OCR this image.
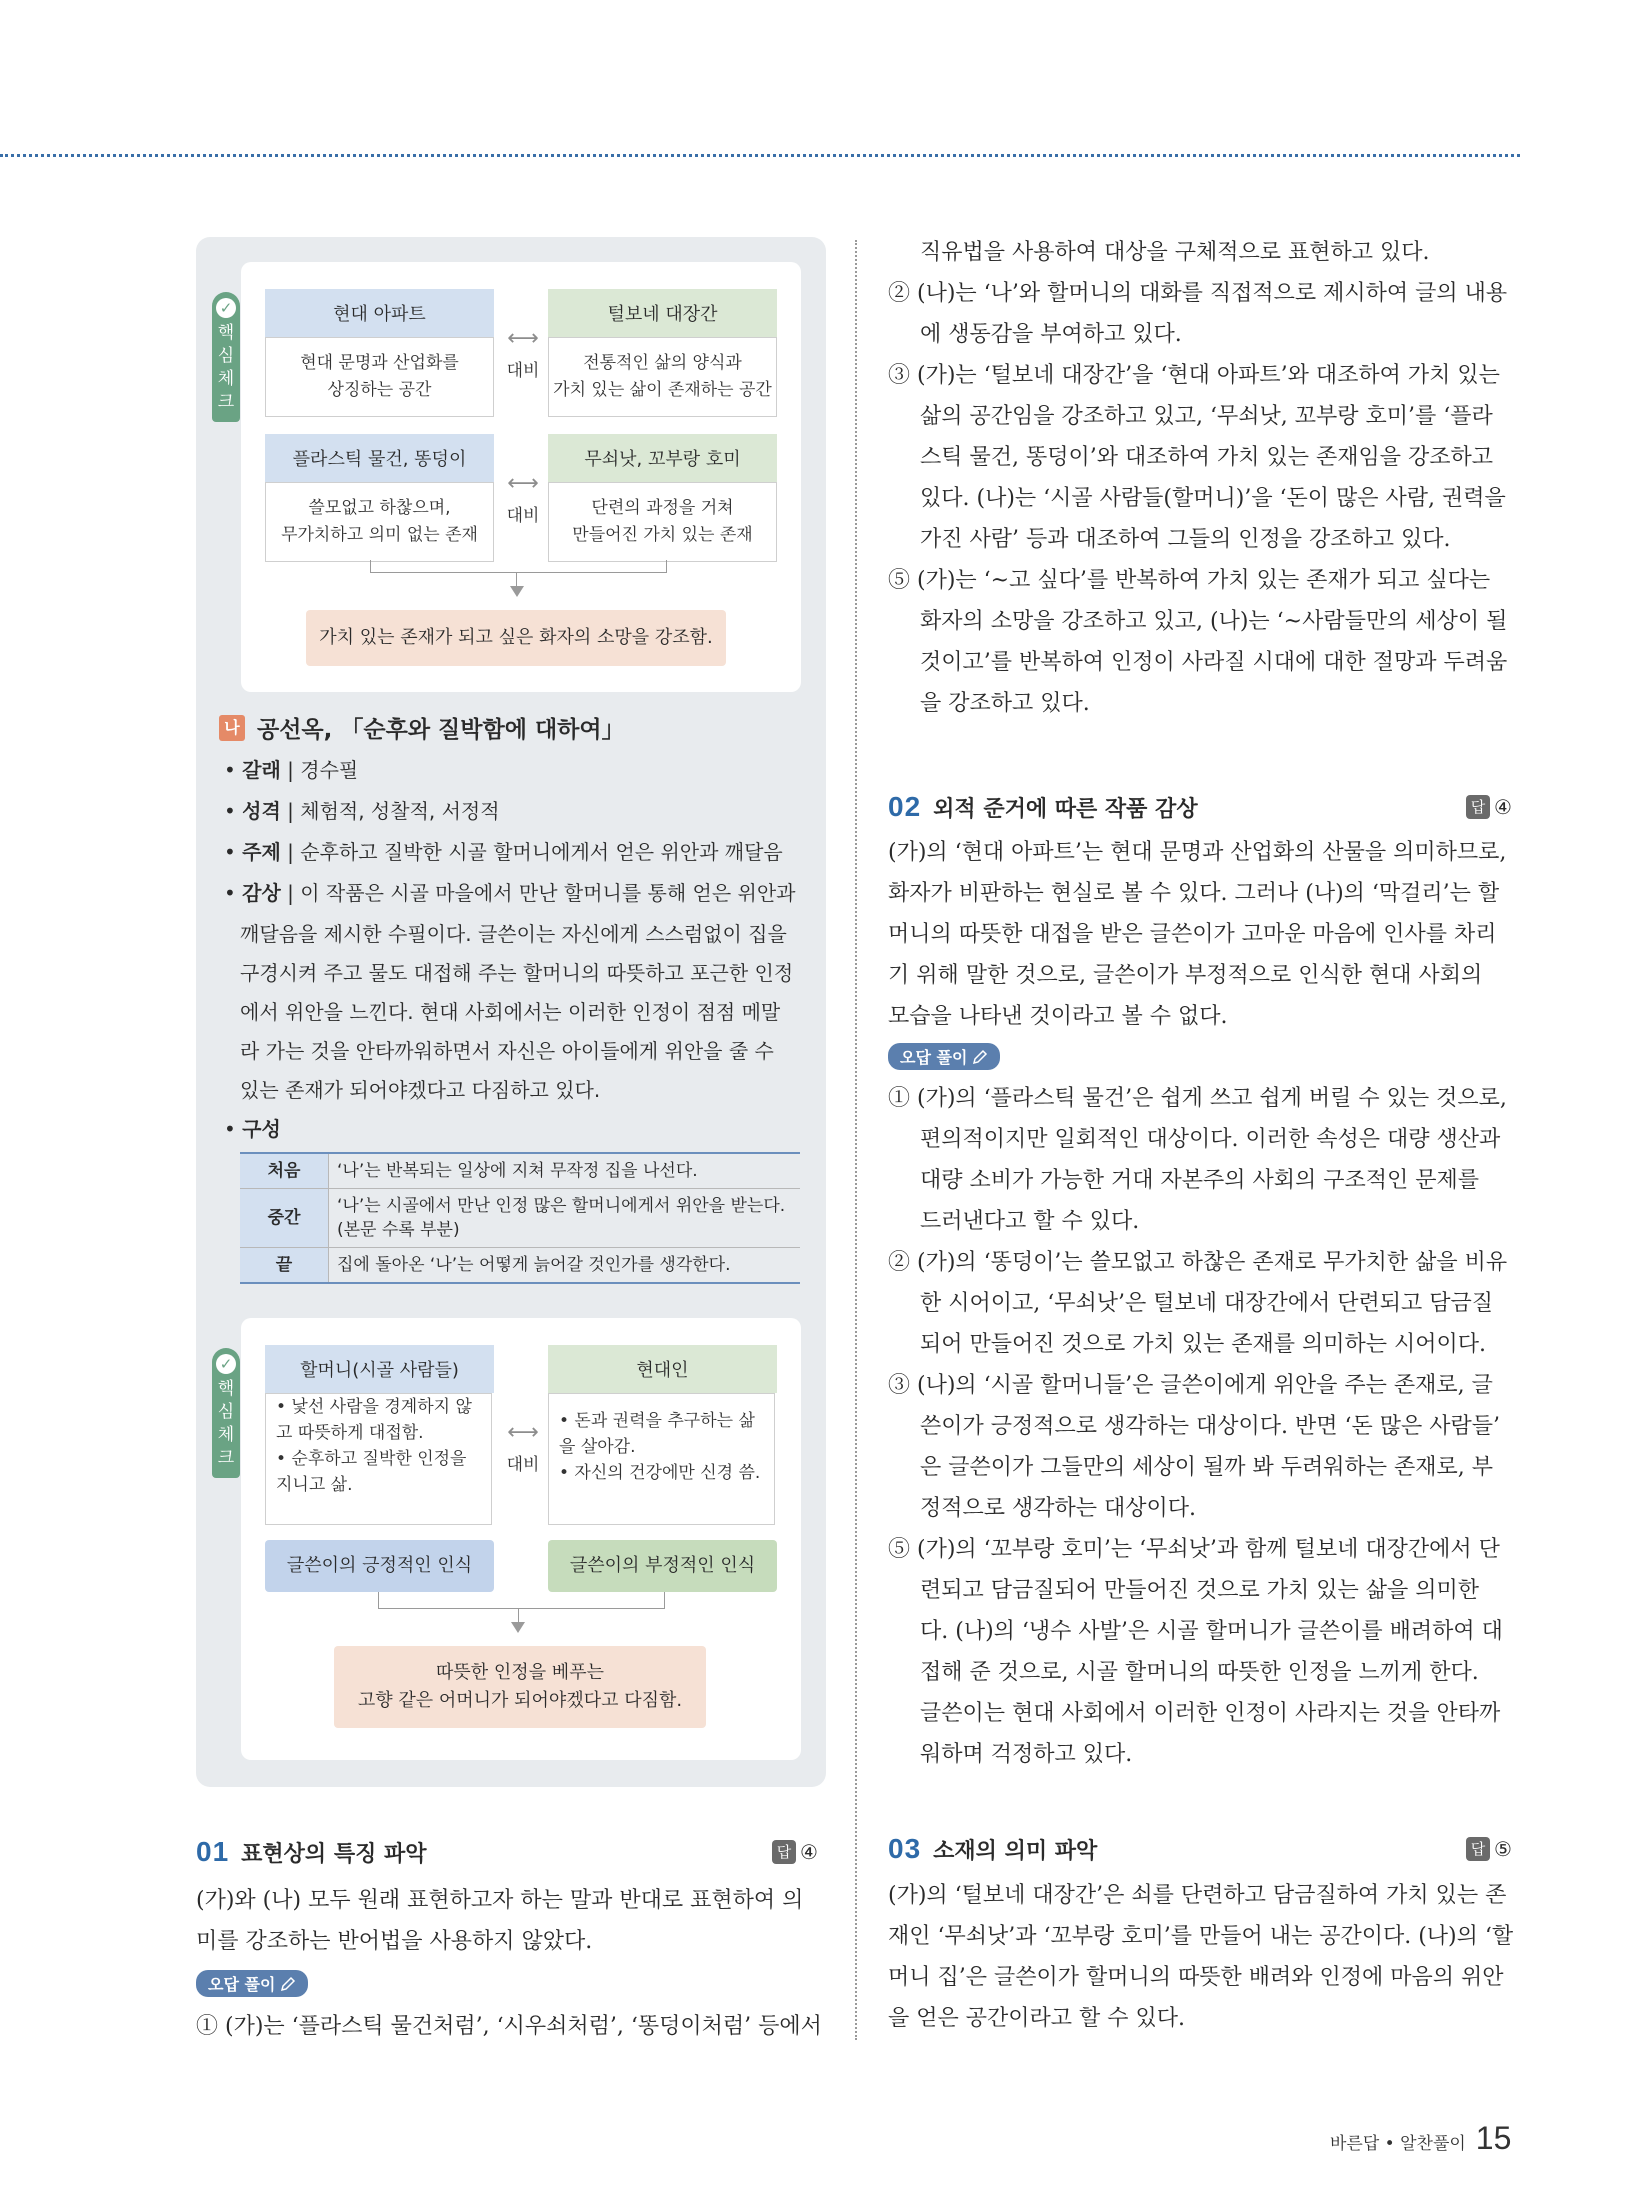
✓
핵
심
체
크
현대 아파트
현대 문명과 산업화를
상징하는 공간
⟷
대비
털보네 대장간
전통적인 삶의 양식과
가치 있는 삶이 존재하는 공간
플라스틱 물건, 똥덩이
쓸모없고 하찮으며,
무가치하고 의미 없는 존재
⟷
대비
무쇠낫, 꼬부랑 호미
단련의 과정을 거쳐
만들어진 가치 있는 존재
가치 있는 존재가 되고 싶은 화자의 소망을 강조함.
나 공선옥, 「순후와 질박함에 대하여」
• 갈래 | 경수필
• 성격 | 체험적, 성찰적, 서정적
• 주제 | 순후하고 질박한 시골 할머니에게서 얻은 위안과 깨달음
• 감상 | 이 작품은 시골 마을에서 만난 할머니를 통해 얻은 위안과
깨달음을 제시한 수필이다. 글쓴이는 자신에게 스스럼없이 집을
구경시켜 주고 물도 대접해 주는 할머니의 따뜻하고 포근한 인정
에서 위안을 느낀다. 현대 사회에서는 이러한 인정이 점점 메말
라 가는 것을 안타까워하면서 자신은 아이들에게 위안을 줄 수
있는 존재가 되어야겠다고 다짐하고 있다.
• 구성
처음	‘나’는 반복되는 일상에 지쳐 무작정 집을 나선다.
중간	‘나’는 시골에서 만난 인정 많은 할머니에게서 위안을 받는다.(본문 수록 부분)
끝	집에 돌아온 ‘나’는 어떻게 늙어갈 것인가를 생각한다.
✓
핵
심
체
크
할머니(시골 사람들)
• 낯선 사람을 경계하지 않고 따뜻하게 대접함.
• 순후하고 질박한 인정을 지니고 삶.
⟷
대비
현대인
• 돈과 권력을 추구하는 삶을 살아감.
• 자신의 건강에만 신경 씀.
글쓴이의 긍정적인 인식	글쓴이의 부정적인 인식
따뜻한 인정을 베푸는
고향 같은 어머니가 되어야겠다고 다짐함.
01 표현상의 특징 파악	답 ④
(가)와 (나) 모두 원래 표현하고자 하는 말과 반대로 표현하여 의
미를 강조하는 반어법을 사용하지 않았다.
오답 풀이
① (가)는 ‘플라스틱 물건처럼’, ‘시우쇠처럼’, ‘똥덩이처럼’ 등에서
직유법을 사용하여 대상을 구체적으로 표현하고 있다.
② (나)는 ‘나’와 할머니의 대화를 직접적으로 제시하여 글의 내용
에 생동감을 부여하고 있다.
③ (가)는 ‘털보네 대장간’을 ‘현대 아파트’와 대조하여 가치 있는
삶의 공간임을 강조하고 있고, ‘무쇠낫, 꼬부랑 호미’를 ‘플라
스틱 물건, 똥덩이’와 대조하여 가치 있는 존재임을 강조하고
있다. (나)는 ‘시골 사람들(할머니)’을 ‘돈이 많은 사람, 권력을
가진 사람’ 등과 대조하여 그들의 인정을 강조하고 있다.
⑤ (가)는 ‘~고 싶다’를 반복하여 가치 있는 존재가 되고 싶다는
화자의 소망을 강조하고 있고, (나)는 ‘~사람들만의 세상이 될
것이고’를 반복하여 인정이 사라질 시대에 대한 절망과 두려움
을 강조하고 있다.
02 외적 준거에 따른 작품 감상	답 ④
(가)의 ‘현대 아파트’는 현대 문명과 산업화의 산물을 의미하므로,
화자가 비판하는 현실로 볼 수 있다. 그러나 (나)의 ‘막걸리’는 할
머니의 따뜻한 대접을 받은 글쓴이가 고마운 마음에 인사를 차리
기 위해 말한 것으로, 글쓴이가 부정적으로 인식한 현대 사회의
모습을 나타낸 것이라고 볼 수 없다.
오답 풀이
① (가)의 ‘플라스틱 물건’은 쉽게 쓰고 쉽게 버릴 수 있는 것으로,
편의적이지만 일회적인 대상이다. 이러한 속성은 대량 생산과
대량 소비가 가능한 거대 자본주의 사회의 구조적인 문제를
드러낸다고 할 수 있다.
② (가)의 ‘똥덩이’는 쓸모없고 하찮은 존재로 무가치한 삶을 비유
한 시어이고, ‘무쇠낫’은 털보네 대장간에서 단련되고 담금질
되어 만들어진 것으로 가치 있는 존재를 의미하는 시어이다.
③ (나)의 ‘시골 할머니들’은 글쓴이에게 위안을 주는 존재로, 글
쓴이가 긍정적으로 생각하는 대상이다. 반면 ‘돈 많은 사람들’
은 글쓴이가 그들만의 세상이 될까 봐 두려워하는 존재로, 부
정적으로 생각하는 대상이다.
⑤ (가)의 ‘꼬부랑 호미’는 ‘무쇠낫’과 함께 털보네 대장간에서 단
련되고 담금질되어 만들어진 것으로 가치 있는 삶을 의미한
다. (나)의 ‘냉수 사발’은 시골 할머니가 글쓴이를 배려하여 대
접해 준 것으로, 시골 할머니의 따뜻한 인정을 느끼게 한다.
글쓴이는 현대 사회에서 이러한 인정이 사라지는 것을 안타까
워하며 걱정하고 있다.
03 소재의 의미 파악	답 ⑤
(가)의 ‘털보네 대장간’은 쇠를 단련하고 담금질하여 가치 있는 존
재인 ‘무쇠낫’과 ‘꼬부랑 호미’를 만들어 내는 공간이다. (나)의 ‘할
머니 집’은 글쓴이가 할머니의 따뜻한 배려와 인정에 마음의 위안
을 얻은 공간이라고 할 수 있다.
바른답 • 알찬풀이 15
